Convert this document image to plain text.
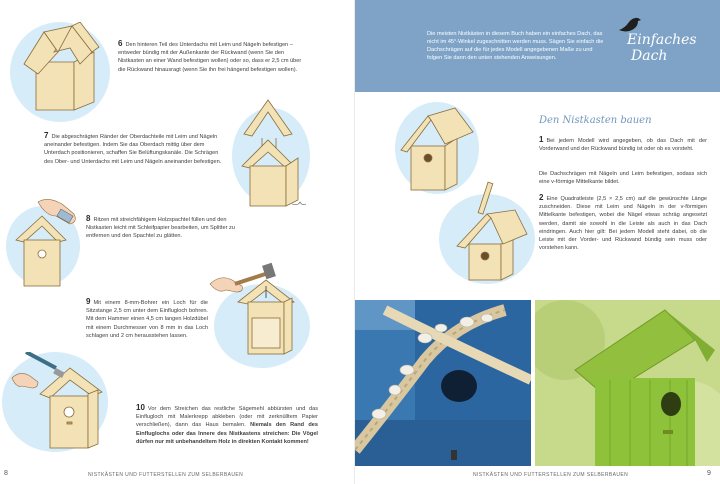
6 Den hinteren Teil des Unterdachs mit Leim und Nägeln befestigen – entweder bündig mit der Außenkante der Rückwand (wenn Sie den Nistkasten an einer Wand befestigen wollen) oder so, dass er 2,5 cm über die Rückwand hinausragt (wenn Sie ihn frei hängend befestigen wollen).
7 Die abgeschrägten Ränder der Oberdachteile mit Leim und Nägeln aneinander befestigen. Indem Sie das Oberdach mittig über dem Unterdach positionieren, schaffen Sie Belüftungskanäle. Die Schrägen des Ober- und Unterdachs mit Leim und Nägeln aneinander befestigen.
8 Ritzen mit streichfähigem Holzspachtel füllen und den Nistkasten leicht mit Schleifpapier bearbeiten, um Splitter zu entfernen und den Spachtel zu glätten.
9 Mit einem 8-mm-Bohrer ein Loch für die Sitzstange 2,5 cm unter dem Einflugloch bohren. Mit dem Hammer einen 4,5 cm langen Holzdübel mit einem Durchmesser von 8 mm in das Loch schlagen und 2 cm herausstehen lassen.
10 Vor dem Streichen das restliche Sägemehl abbürsten und das Einflugloch mit Malerkrepp abkleben (oder mit zerknülltem Papier verschließen), dann das Haus bemalen. Niemals den Rand des Einfluglochs oder das Innere des Nistkastens streichen: Die Vögel dürfen nur mit unbehandeltem Holz in direkten Kontakt kommen!
8	NISTKÄSTEN UND FUTTERSTELLEN ZUM SELBERBAUEN
Die meisten Nistkästen in diesem Buch haben ein einfaches Dach, das nicht im 45°-Winkel zugeschnitten werden muss. Sägen Sie einfach die Dachschrägen auf die für jedes Modell angegebenen Maße zu und folgen Sie dann den unten stehenden Anweisungen.
Einfaches
Dach
Den Nistkasten bauen
1 Bei jedem Modell wird angegeben, ob das Dach mit der Vorderwand und der Rückwand bündig ist oder ob es vorsteht.
Die Dachschrägen mit Nägeln und Leim befestigen, sodass sich eine v-förmige Mittelkante bildet.
2 Eine Quadratleiste (2,5 × 2,5 cm) auf die gewünschte Länge zuschneiden. Diese mit Leim und Nägeln in der v-förmigen Mittelkante befestigen, wobei die Nägel etwas schräg angesetzt werden, damit sie sowohl in die Leiste als auch in das Dach eindringen. Auch hier gilt: Bei jedem Modell steht dabei, ob die Leiste mit der Vorder- und Rückwand bündig sein muss oder vorstehen kann.
NISTKÄSTEN UND FUTTERSTELLEN ZUM SELBERBAUEN	9
